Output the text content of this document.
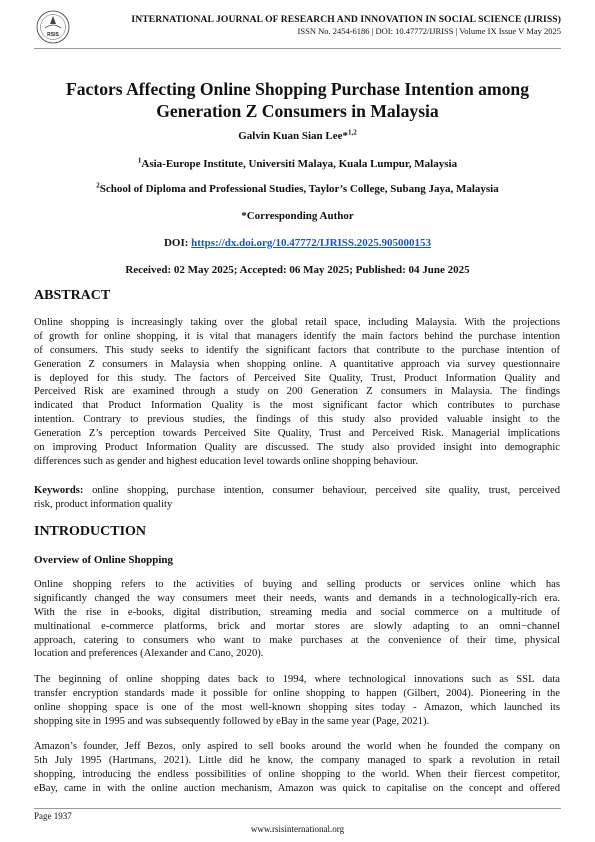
RSIS
INTERNATIONAL JOURNAL OF RESEARCH AND INNOVATION IN SOCIAL SCIENCE (IJRISS)
ISSN No. 2454-6186 | DOI: 10.47772/IJRISS | Volume IX Issue V May 2025
Factors Affecting Online Shopping Purchase Intention among Generation Z Consumers in Malaysia
Galvin Kuan Sian Lee*$^{1,2}$
$^1$Asia-Europe Institute, Universiti Malaya, Kuala Lumpur, Malaysia
$^2$School of Diploma and Professional Studies, Taylor’s College, Subang Jaya, Malaysia
*Corresponding Author
DOI: https://dx.doi.org/10.47772/IJRISS.2025.905000153
Received: 02 May 2025; Accepted: 06 May 2025; Published: 04 June 2025
ABSTRACT
Online shopping is increasingly taking over the global retail space, including Malaysia. With the projections
of growth for online shopping, it is vital that managers identify the main factors behind the purchase intention
of consumers. This study seeks to identify the significant factors that contribute to the purchase intention of
Generation Z consumers in Malaysia when shopping online. A quantitative approach via survey questionnaire
is deployed for this study. The factors of Perceived Site Quality, Trust, Product Information Quality and
Perceived Risk are examined through a study on 200 Generation Z consumers in Malaysia. The findings
indicated that Product Information Quality is the most significant factor which contributes to purchase
intention. Contrary to previous studies, the findings of this study also provided valuable insight to the
Generation Z’s perception towards Perceived Site Quality, Trust and Perceived Risk. Managerial implications
on improving Product Information Quality are discussed. The study also provided insight into demographic
differences such as gender and highest education level towards online shopping behaviour.
Keywords: online shopping, purchase intention, consumer behaviour, perceived site quality, trust, perceived
risk, product information quality
INTRODUCTION
Overview of Online Shopping
Online shopping refers to the activities of buying and selling products or services online which has
significantly changed the way consumers meet their needs, wants and demands in a technologically-rich era.
With the rise in e-books, digital distribution, streaming media and social commerce on a multitude of
multinational e-commerce platforms, brick and mortar stores are slowly adapting to an omni−channel
approach, catering to consumers who want to make purchases at the convenience of their time, physical
location and preferences (Alexander and Cano, 2020).
The beginning of online shopping dates back to 1994, where technological innovations such as SSL data
transfer encryption standards made it possible for online shopping to happen (Gilbert, 2004). Pioneering in the
online shopping space is one of the most well-known shopping sites today - Amazon, which launched its
shopping site in 1995 and was subsequently followed by eBay in the same year (Page, 2021).
Amazon’s founder, Jeff Bezos, only aspired to sell books around the world when he founded the company on
5th July 1995 (Hartmans, 2021). Little did he know, the company managed to spark a revolution in retail
shopping, introducing the endless possibilities of online shopping to the world. When their fiercest competitor,
eBay, came in with the online auction mechanism, Amazon was quick to capitalise on the concept and offered
Page 1937
www.rsisinternational.org
